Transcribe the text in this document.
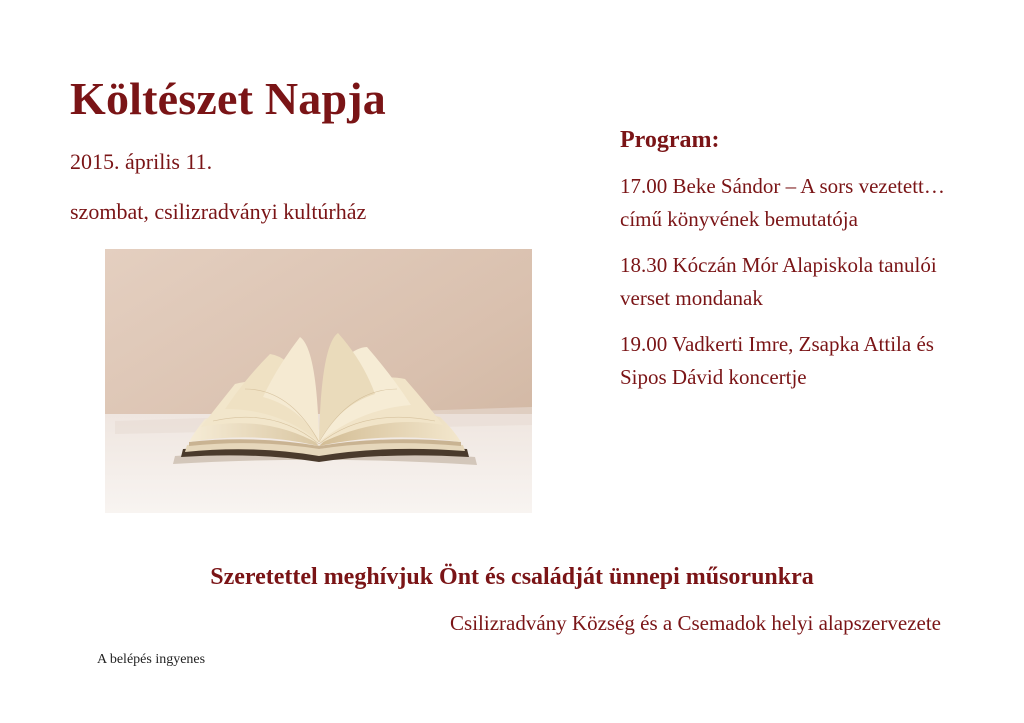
Költészet Napja
2015. április 11.
szombat, csilizradványi kultúrház
Program:

17.00 Beke Sándor – A sors vezetett… című könyvének bemutatója

18.30 Kóczán Mór Alapiskola tanulói verset mondanak

19.00 Vadkerti Imre, Zsapka Attila és Sipos Dávid koncertje

Szeretettel meghívjuk Önt és családját ünnepi műsorunkra
Csilizradvány Község és a Csemadok helyi alapszervezete
A belépés ingyenes
